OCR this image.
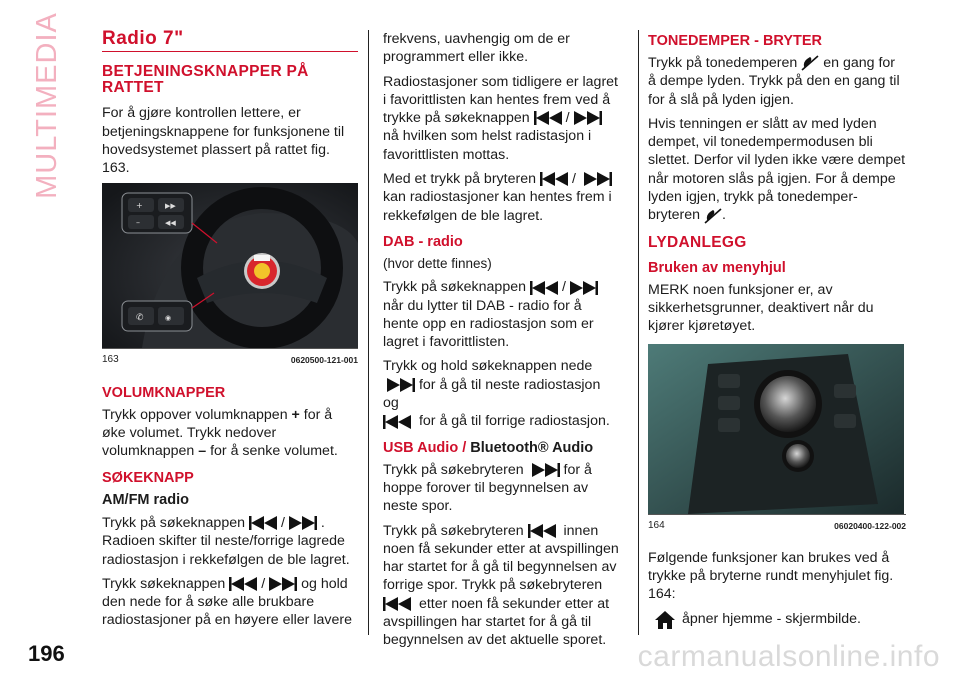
MULTIMEDIA Radio 7"
BETJENINGSKNAPPER PÅ RATTET

For å gjøre kontrollen lettere, er betjeningsknappene for funksjonene til hovedsystemet plassert på rattet fig. 163.

+	▶▶
–	◀◀
✆	◉
163	0620500-121-001
VOLUMKNAPPER

Trykk oppover volumknappen + for å øke volumet. Trykk nedover volumknappen – for å senke volumet.

SØKEKNAPP
AM/FM radio

Trykk på søkeknappen	/	. Radioen skifter til neste/forrige lagrede radiostasjon i rekkefølgen de ble lagret.

Trykk søkeknappen	/	og hold den nede for å søke alle brukbare radiostasjoner på en høyere eller lavere

frekvens, uavhengig om de er programmert eller ikke.

Radiostasjoner som tidligere er lagret i favorittlisten kan hentes frem ved å trykke på søkeknappen	/
nå hvilken som helst radistasjon i favorittlisten mottas.

Med et trykk på bryteren	/
kan radiostasjoner kan hentes frem i rekkefølgen de ble lagret.

DAB - radio
(hvor dette finnes)

Trykk på søkeknappen	/
når du lytter til DAB - radio for å hente opp en radiostasjon som er lagret i favorittlisten.

Trykk og hold søkeknappen nede

for å gå til neste radiostasjon og

for å gå til forrige radiostasjon.

USB Audio / Bluetooth® Audio

Trykk på søkebryteren	for å hoppe forover til begynnelsen av neste spor.

Trykk på søkebryteren	innen noen få sekunder etter at avspillingen har startet for å gå til begynnelsen av forrige spor. Trykk på søkebryteren
etter noen få sekunder etter at avspillingen har startet for å gå til begynnelsen av det aktuelle sporet.

TONEDEMPER - BRYTER

Trykk på tonedemperen en gang for å dempe lyden. Trykk på den en gang til for å slå på lyden igjen.

Hvis tenningen er slått av med lyden dempet, vil tonedempermodusen bli slettet. Derfor vil lyden ikke være dempet når motoren slås på igjen. For å dempe lyden igjen, trykk på tonedemper-bryteren .

LYDANLEGG
Bruken av menyhjul

MERK noen funksjoner er, av sikkerhetsgrunner, deaktivert når du kjører kjøretøyet.

164	06020400-122-002

Følgende funksjoner kan brukes ved å trykke på bryterne rundt menyhjulet fig. 164:

åpner hjemme - skjermbilde.
196	carmanualsonline.info
